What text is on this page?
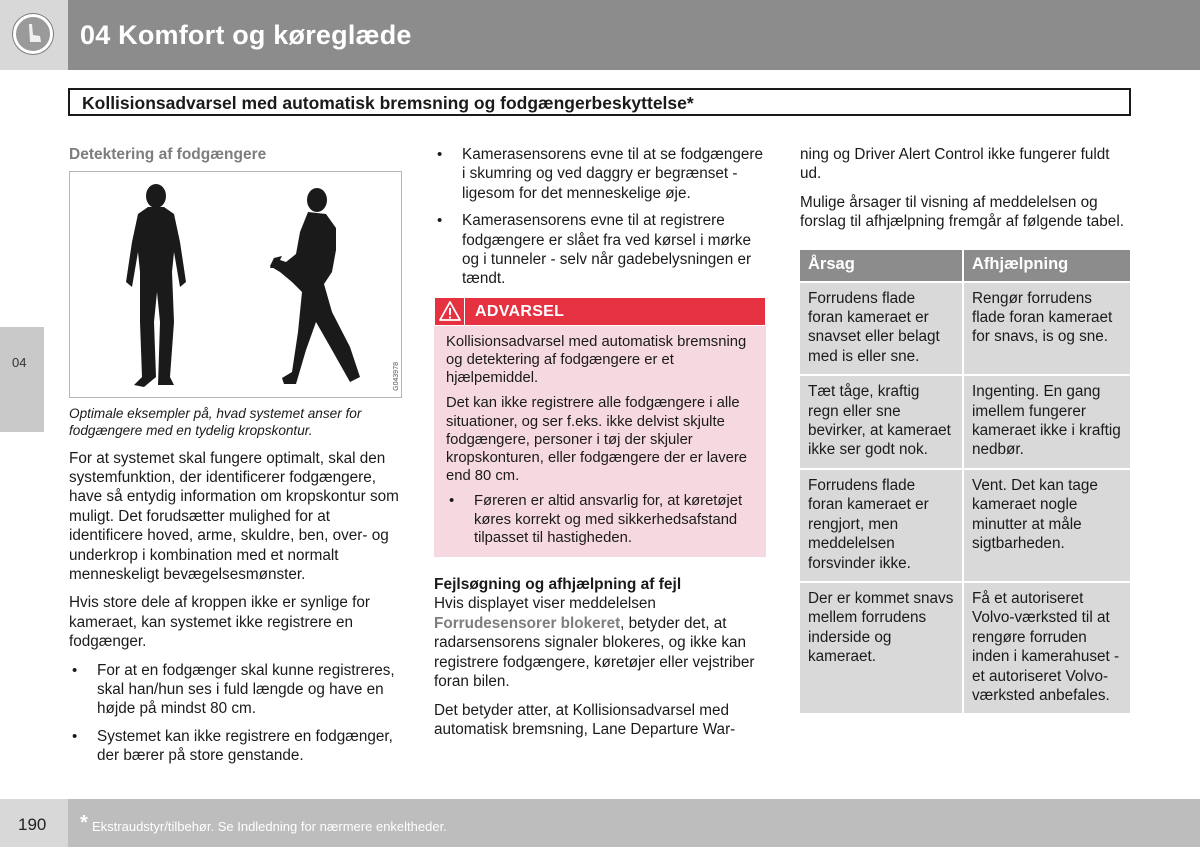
04
04 Komfort og køreglæde
Kollisionsadvarsel med automatisk bremsning og fodgængerbeskyttelse*
Detektering af fodgængere
G043978
Optimale eksempler på, hvad systemet anser for fodgængere med en tydelig kropskontur.

For at systemet skal fungere optimalt, skal den systemfunktion, der identificerer fodgængere, have så entydig information om kropskontur som muligt. Det forudsætter mulighed for at identificere hoved, arme, skuldre, ben, over- og underkrop i kombination med et normalt menneskeligt bevægelsesmønster.

Hvis store dele af kroppen ikke er synlige for kameraet, kan systemet ikke registrere en fodgænger.

• For at en fodgænger skal kunne registreres, skal han/hun ses i fuld længde og have en højde på mindst 80 cm.
• Systemet kan ikke registrere en fodgænger, der bærer på store genstande.
• Kamerasensorens evne til at se fodgængere i skumring og ved daggry er begrænset - ligesom for det menneskelige øje.
• Kamerasensorens evne til at registrere fodgængere er slået fra ved kørsel i mørke og i tunneler - selv når gadebelysningen er tændt.
ADVARSEL

Kollisionsadvarsel med automatisk bremsning og detektering af fodgængere er et hjælpemiddel.

Det kan ikke registrere alle fodgængere i alle situationer, og ser f.eks. ikke delvist skjulte fodgængere, personer i tøj der skjuler kropskonturen, eller fodgængere der er lavere end 80 cm.

• Føreren er altid ansvarlig for, at køretøjet køres korrekt og med sikkerhedsafstand tilpasset til hastigheden.
Fejlsøgning og afhjælpning af fejl

Hvis displayet viser meddelelsen
Forrudesensorer blokeret, betyder det, at radarsensorens signaler blokeres, og ikke kan registrere fodgængere, køretøjer eller vejstriber foran bilen.

Det betyder atter, at Kollisionsadvarsel med automatisk bremsning, Lane Departure War-

ning og Driver Alert Control ikke fungerer fuldt ud.

Mulige årsager til visning af meddelelsen og forslag til afhjælpning fremgår af følgende tabel.

Årsag	Afhjælpning
Forrudens flade foran kameraet er snavset eller belagt med is eller sne.	Rengør forrudens flade foran kameraet for snavs, is og sne.
Tæt tåge, kraftig regn eller sne bevirker, at kameraet ikke ser godt nok.	Ingenting. En gang imellem fungerer kameraet ikke i kraftig nedbør.
Forrudens flade foran kameraet er rengjort, men meddelelsen forsvinder ikke.	Vent. Det kan tage kameraet nogle minutter at måle sigtbarheden.
Der er kommet snavs mellem forrudens inderside og kameraet.	Få et autoriseret Volvo-værksted til at rengøre forruden inden i kamerahuset - et autoriseret Volvo-værksted anbefales.
190 * Ekstraudstyr/tilbehør. Se Indledning for nærmere enkeltheder.
